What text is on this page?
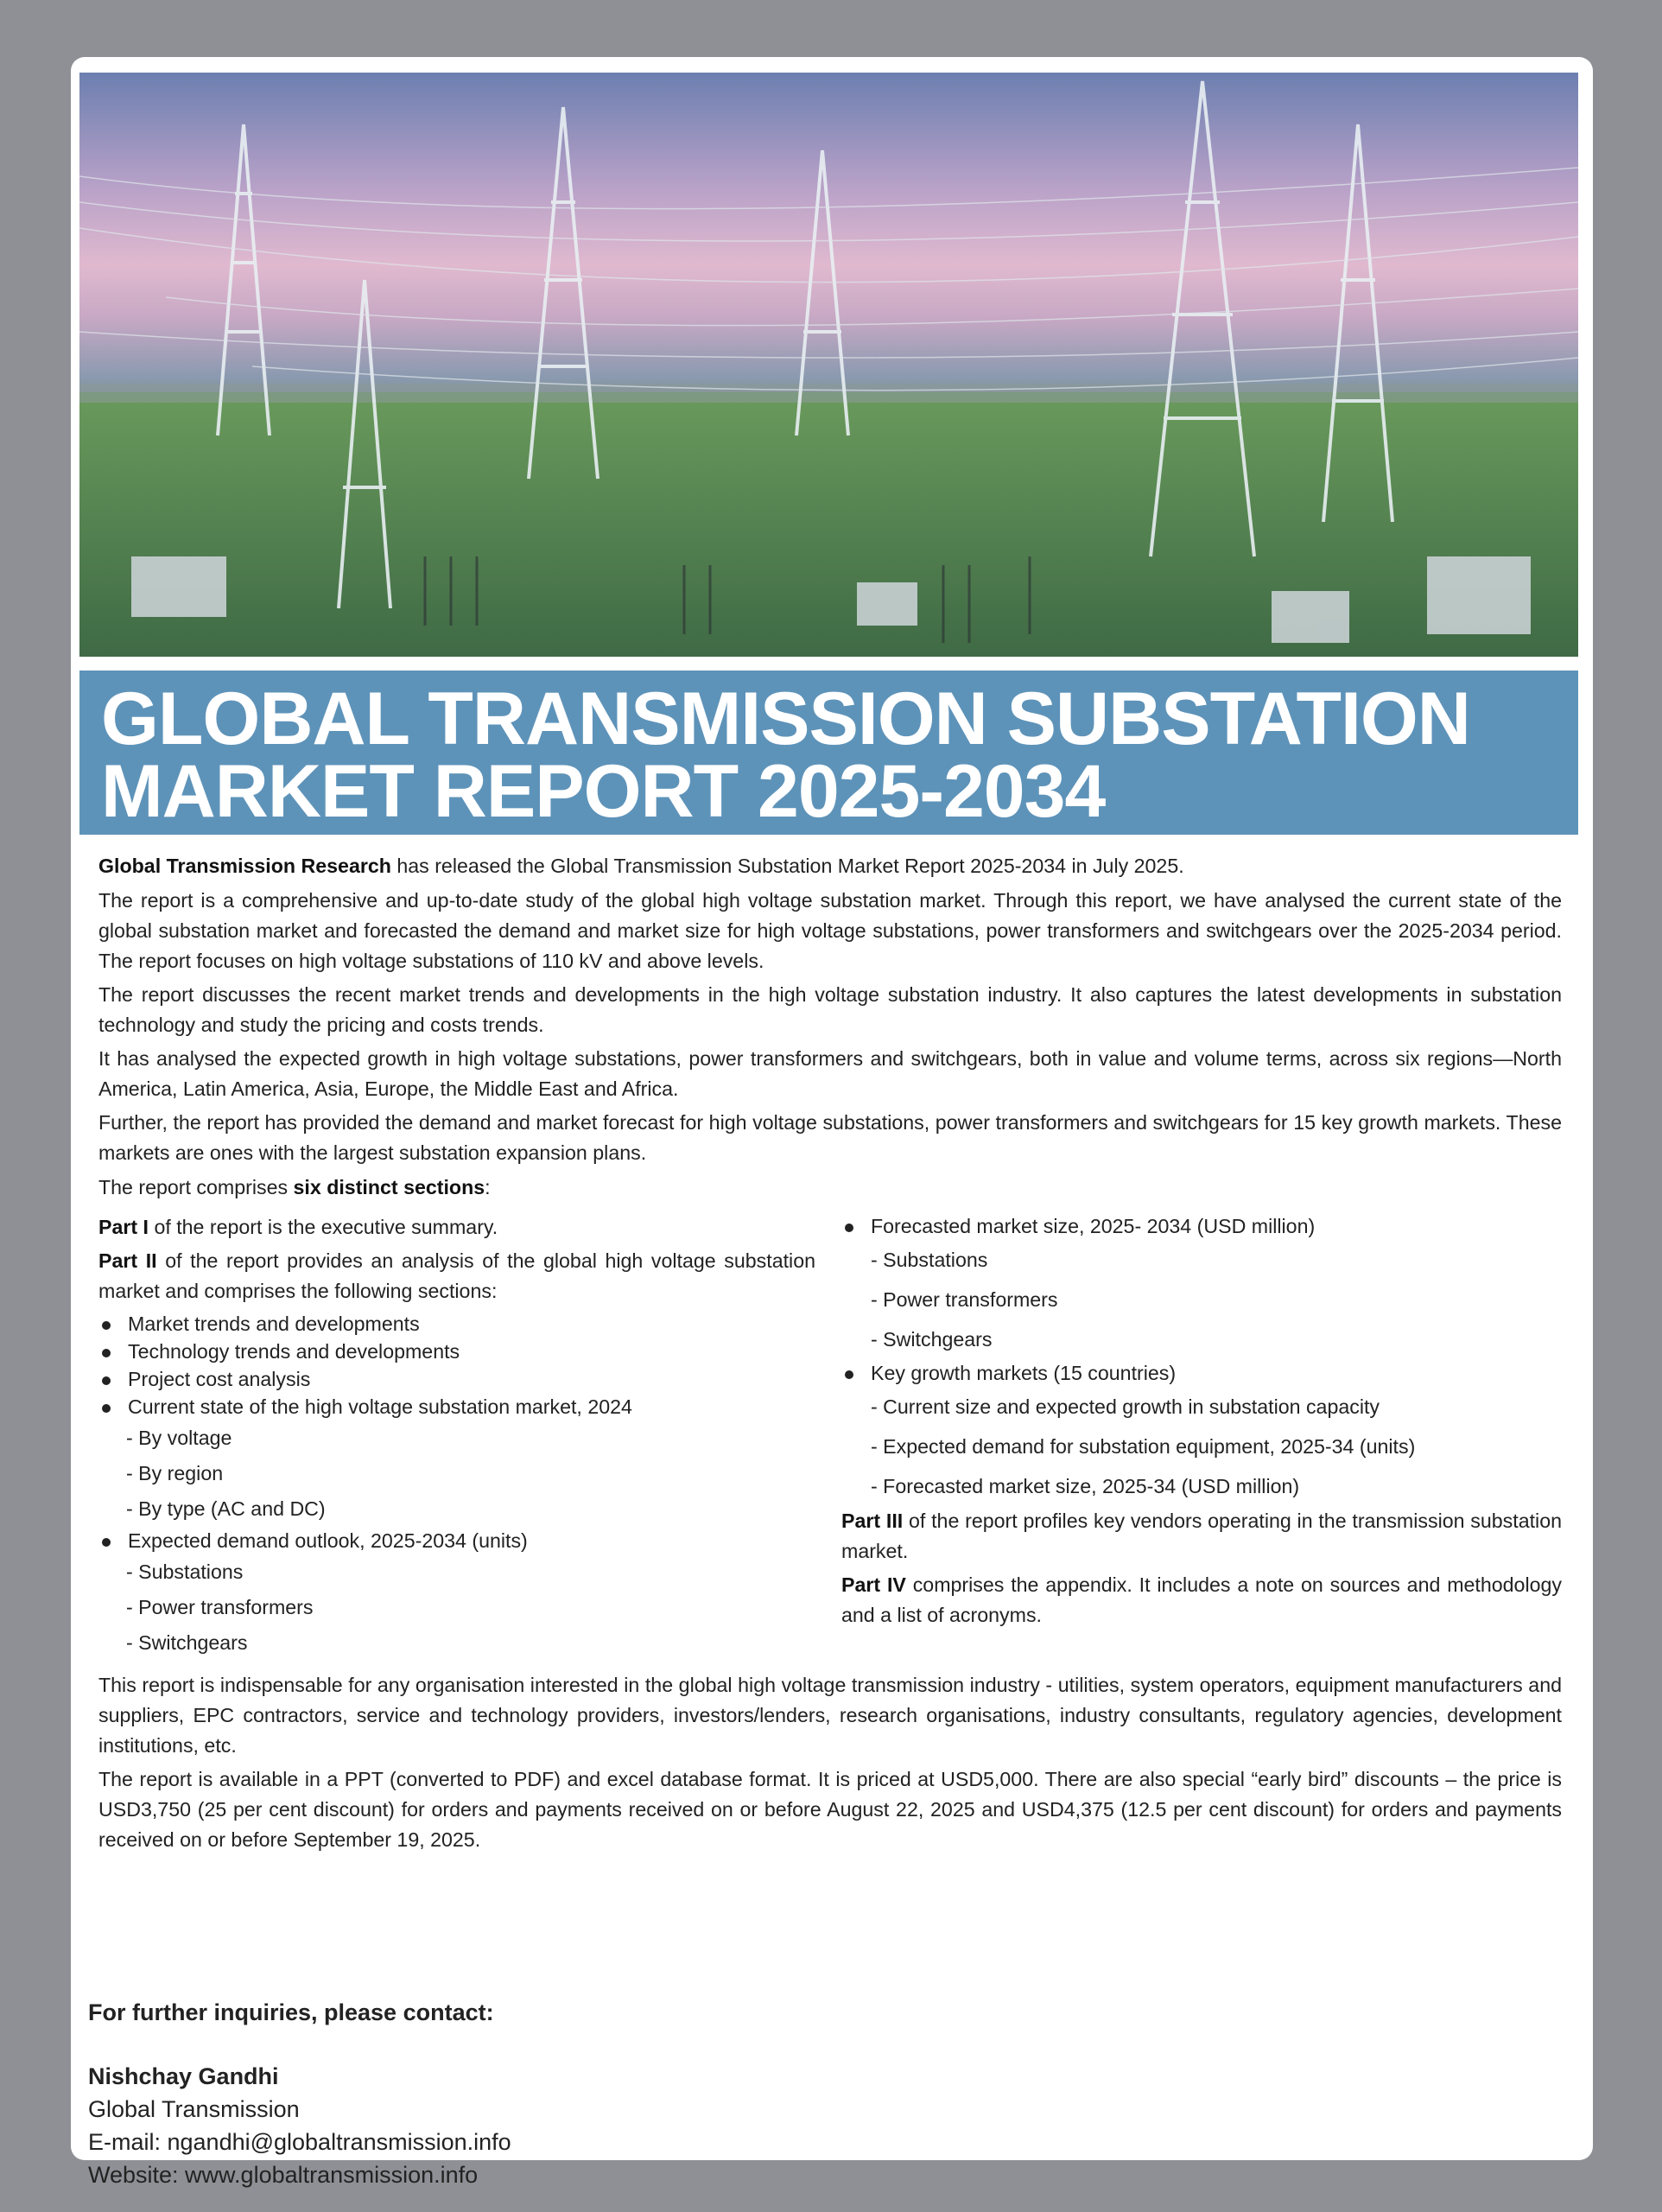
GLOBAL TRANSMISSION SUBSTATION MARKET REPORT 2025-2034

Global Transmission Research has released the Global Transmission Substation Market Report 2025-2034 in July 2025.

The report is a comprehensive and up-to-date study of the global high voltage substation market. Through this report, we have analysed the current state of the global substation market and forecasted the demand and market size for high voltage substations, power transformers and switchgears over the 2025-2034 period. The report focuses on high voltage substations of 110 kV and above levels.

The report discusses the recent market trends and developments in the high voltage substation industry. It also captures the latest developments in substation technology and study the pricing and costs trends.

It has analysed the expected growth in high voltage substations, power transformers and switchgears, both in value and volume terms, across six regions—North America, Latin America, Asia, Europe, the Middle East and Africa.

Further, the report has provided the demand and market forecast for high voltage substations, power transformers and switchgears for 15 key growth markets. These markets are ones with the largest substation expansion plans.

The report comprises six distinct sections:

Part I of the report is the executive summary.

Part II of the report provides an analysis of the global high voltage substation market and comprises the following sections:

Market trends and developments
Technology trends and developments
Project cost analysis
Current state of the high voltage substation market, 2024
- By voltage
- By region
- By type (AC and DC)
Expected demand outlook, 2025-2034 (units)
- Substations
- Power transformers
- Switchgears
Forecasted market size, 2025- 2034 (USD million)
- Substations
- Power transformers
- Switchgears
Key growth markets (15 countries)
- Current size and expected growth in substation capacity
- Expected demand for substation equipment, 2025-34 (units)
- Forecasted market size, 2025-34 (USD million)

Part III of the report profiles key vendors operating in the transmission substation market.

Part IV comprises the appendix. It includes a note on sources and methodology and a list of acronyms.

This report is indispensable for any organisation interested in the global high voltage transmission industry - utilities, system operators, equipment manufacturers and suppliers, EPC contractors, service and technology providers, investors/lenders, research organisations, industry consultants, regulatory agencies, development institutions, etc.

The report is available in a PPT (converted to PDF) and excel database format. It is priced at USD5,000. There are also special “early bird” discounts – the price is USD3,750 (25 per cent discount) for orders and payments received on or before August 22, 2025 and USD4,375 (12.5 per cent discount) for orders and payments received on or before September 19, 2025.

For further inquiries, please contact:
Nishchay Gandhi
Global Transmission
E-mail: ngandhi@globaltransmission.info
Website: www.globaltransmission.info
